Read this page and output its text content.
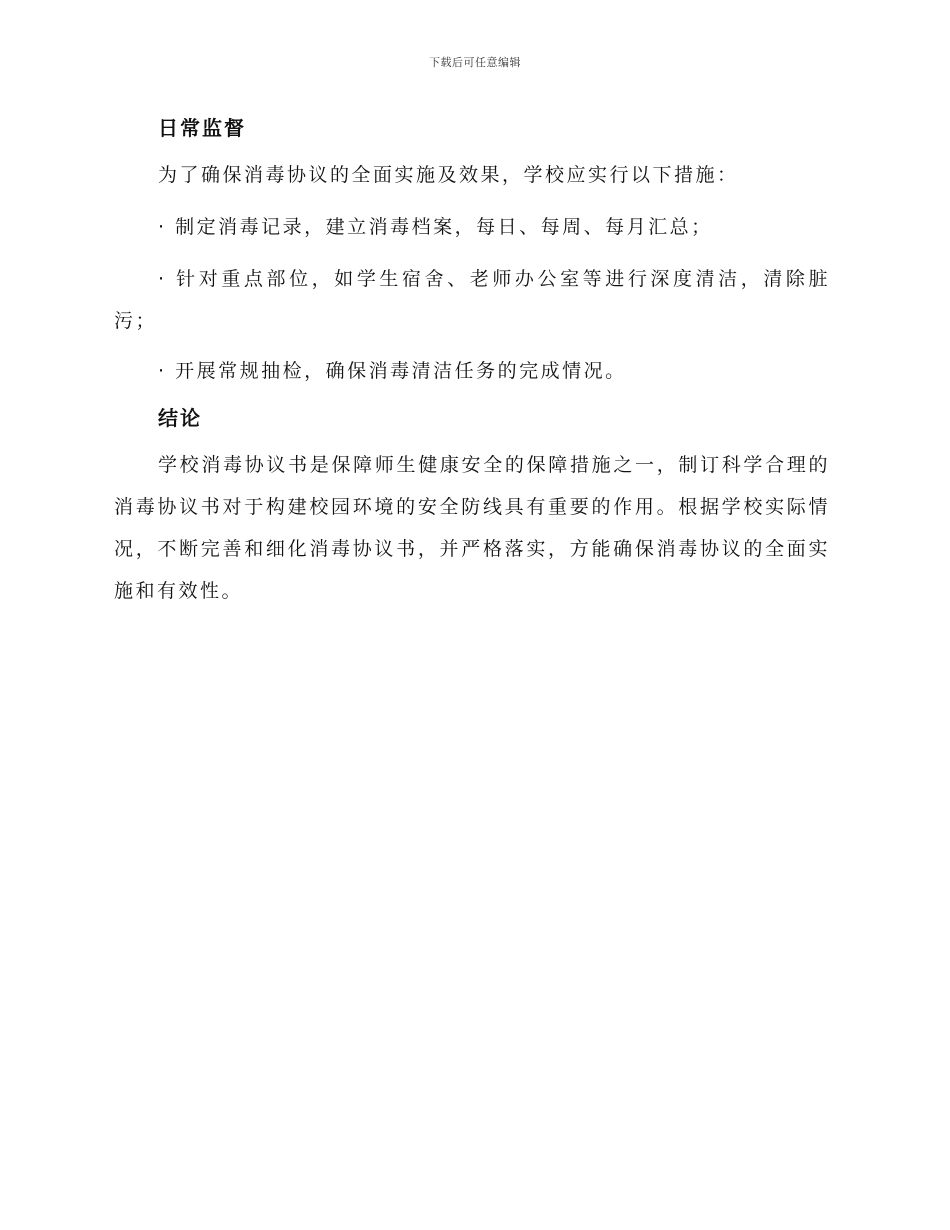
下载后可任意编辑
日常监督

为了确保消毒协议的全面实施及效果，学校应实行以下措施：

· 制定消毒记录，建立消毒档案，每日、每周、每月汇总；

· 针对重点部位，如学生宿舍、老师办公室等进行深度清洁，清除脏污；

· 开展常规抽检，确保消毒清洁任务的完成情况。

结论

学校消毒协议书是保障师生健康安全的保障措施之一，制订科学合理的消毒协议书对于构建校园环境的安全防线具有重要的作用。根据学校实际情况，不断完善和细化消毒协议书，并严格落实，方能确保消毒协议的全面实施和有效性。
